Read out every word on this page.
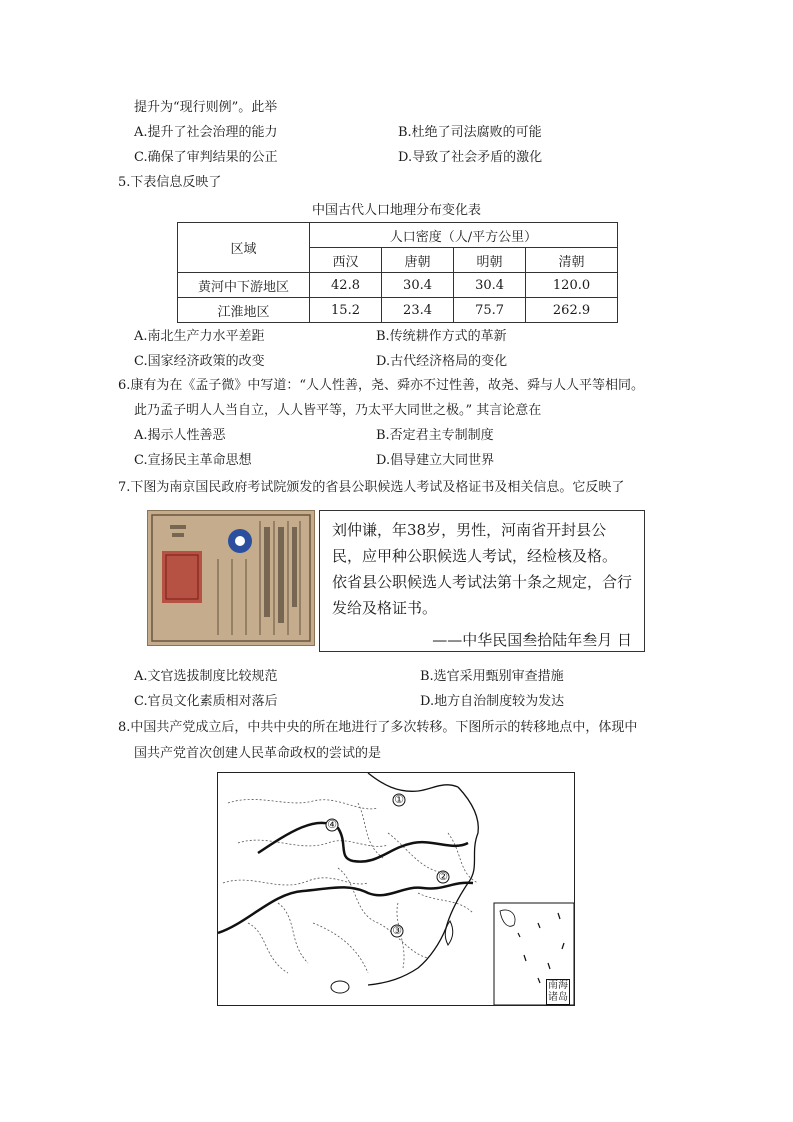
提升为“现行则例”。此举
A.提升了社会治理的能力	B.杜绝了司法腐败的可能
C.确保了审判结果的公正	D.导致了社会矛盾的激化
5.下表信息反映了
中国古代人口地理分布变化表
区域	人口密度（人/平方公里）			
	西汉	唐朝	明朝	清朝
黄河中下游地区	42.8	30.4	30.4	120.0
江淮地区	15.2	23.4	75.7	262.9
A.南北生产力水平差距	B.传统耕作方式的革新
C.国家经济政策的改变	D.古代经济格局的变化
6.康有为在《孟子微》中写道：“人人性善，尧、舜亦不过性善，故尧、舜与人人平等相同。
此乃孟子明人人当自立，人人皆平等，乃太平大同世之极。” 其言论意在
A.揭示人性善恶	B.否定君主专制制度
C.宣扬民主革命思想	D.倡导建立大同世界
7.下图为南京国民政府考试院颁发的省县公职候选人考试及格证书及相关信息。它反映了

刘仲谦，年38岁，男性，河南省开封县公民，应甲种公职候选人考试，经检核及格。 依省县公职候选人考试法第十条之规定，合行发给及格证书。

——中华民国叁拾陆年叁月 日

A.文官选拔制度比较规范	B.选官采用甄别审查措施
C.官员文化素质相对落后	D.地方自治制度较为发达
8.中国共产党成立后，中共中央的所在地进行了多次转移。下图所示的转移地点中，体现中
国共产党首次创建人民革命政权的尝试的是
①
②
③
④
南海
诸岛
